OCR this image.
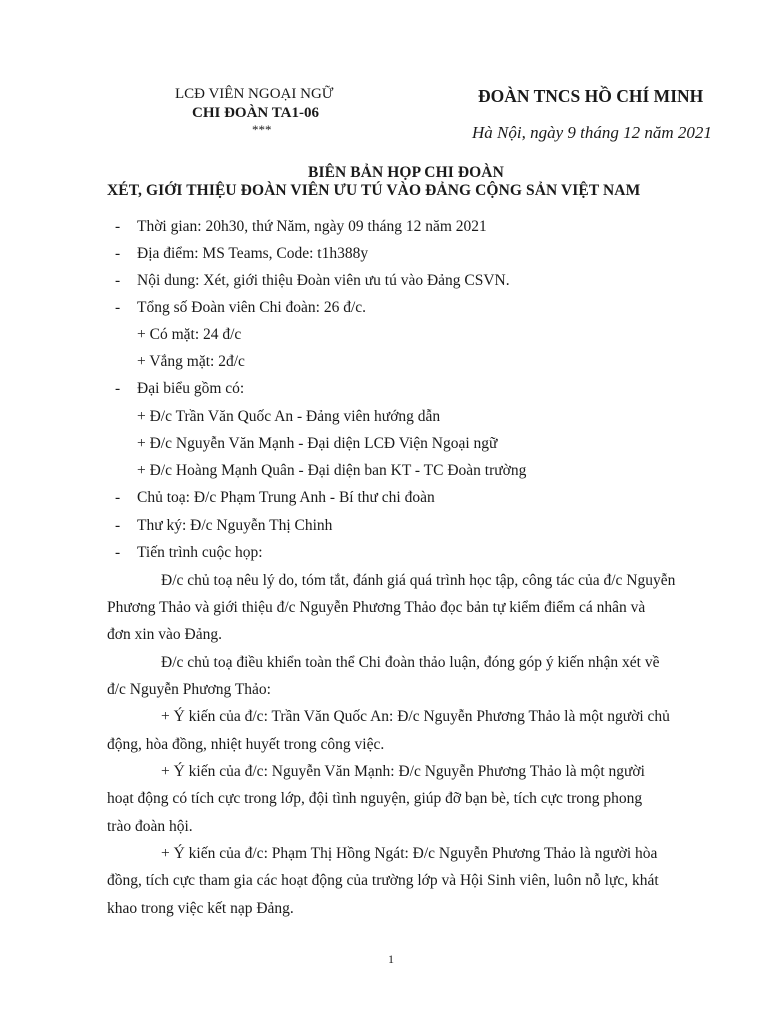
LCĐ VIÊN NGOẠI NGỮ
CHI ĐOÀN TA1-06
***
ĐOÀN TNCS HỒ CHÍ MINH
Hà Nội, ngày 9 tháng 12 năm 2021
BIÊN BẢN HỌP CHI ĐOÀN
XÉT, GIỚI THIỆU ĐOÀN VIÊN ƯU TÚ VÀO ĐẢNG CỘNG SẢN VIỆT NAM
- Thời gian: 20h30, thứ Năm, ngày 09 tháng 12 năm 2021
- Địa điểm: MS Teams, Code: t1h388y
- Nội dung: Xét, giới thiệu Đoàn viên ưu tú vào Đảng CSVN.
- Tổng số Đoàn viên Chi đoàn: 26 đ/c.
+ Có mặt: 24 đ/c
+ Vắng mặt: 2đ/c
- Đại biểu gồm có:
+ Đ/c Trần Văn Quốc An - Đảng viên hướng dẫn
+ Đ/c Nguyễn Văn Mạnh - Đại diện LCĐ Viện Ngoại ngữ
+ Đ/c Hoàng Mạnh Quân - Đại diện ban KT - TC Đoàn trường
- Chủ toạ: Đ/c Phạm Trung Anh - Bí thư chi đoàn
- Thư ký: Đ/c Nguyễn Thị Chinh
- Tiến trình cuộc họp:
Đ/c chủ toạ nêu lý do, tóm tắt, đánh giá quá trình học tập, công tác của đ/c Nguyễn
Phương Thảo và giới thiệu đ/c Nguyễn Phương Thảo đọc bản tự kiểm điểm cá nhân và
đơn xin vào Đảng.
Đ/c chủ toạ điều khiển toàn thể Chi đoàn thảo luận, đóng góp ý kiến nhận xét về
đ/c Nguyễn Phương Thảo:
+ Ý kiến của đ/c: Trần Văn Quốc An: Đ/c Nguyễn Phương Thảo là một người chủ
động, hòa đồng, nhiệt huyết trong công việc.
+ Ý kiến của đ/c: Nguyễn Văn Mạnh: Đ/c Nguyễn Phương Thảo là một người
hoạt động có tích cực trong lớp, đội tình nguyện, giúp đỡ bạn bè, tích cực trong phong
trào đoàn hội.
+ Ý kiến của đ/c: Phạm Thị Hồng Ngát: Đ/c Nguyễn Phương Thảo là người hòa
đồng, tích cực tham gia các hoạt động của trường lớp và Hội Sinh viên, luôn nỗ lực, khát
khao trong việc kết nạp Đảng.
1
